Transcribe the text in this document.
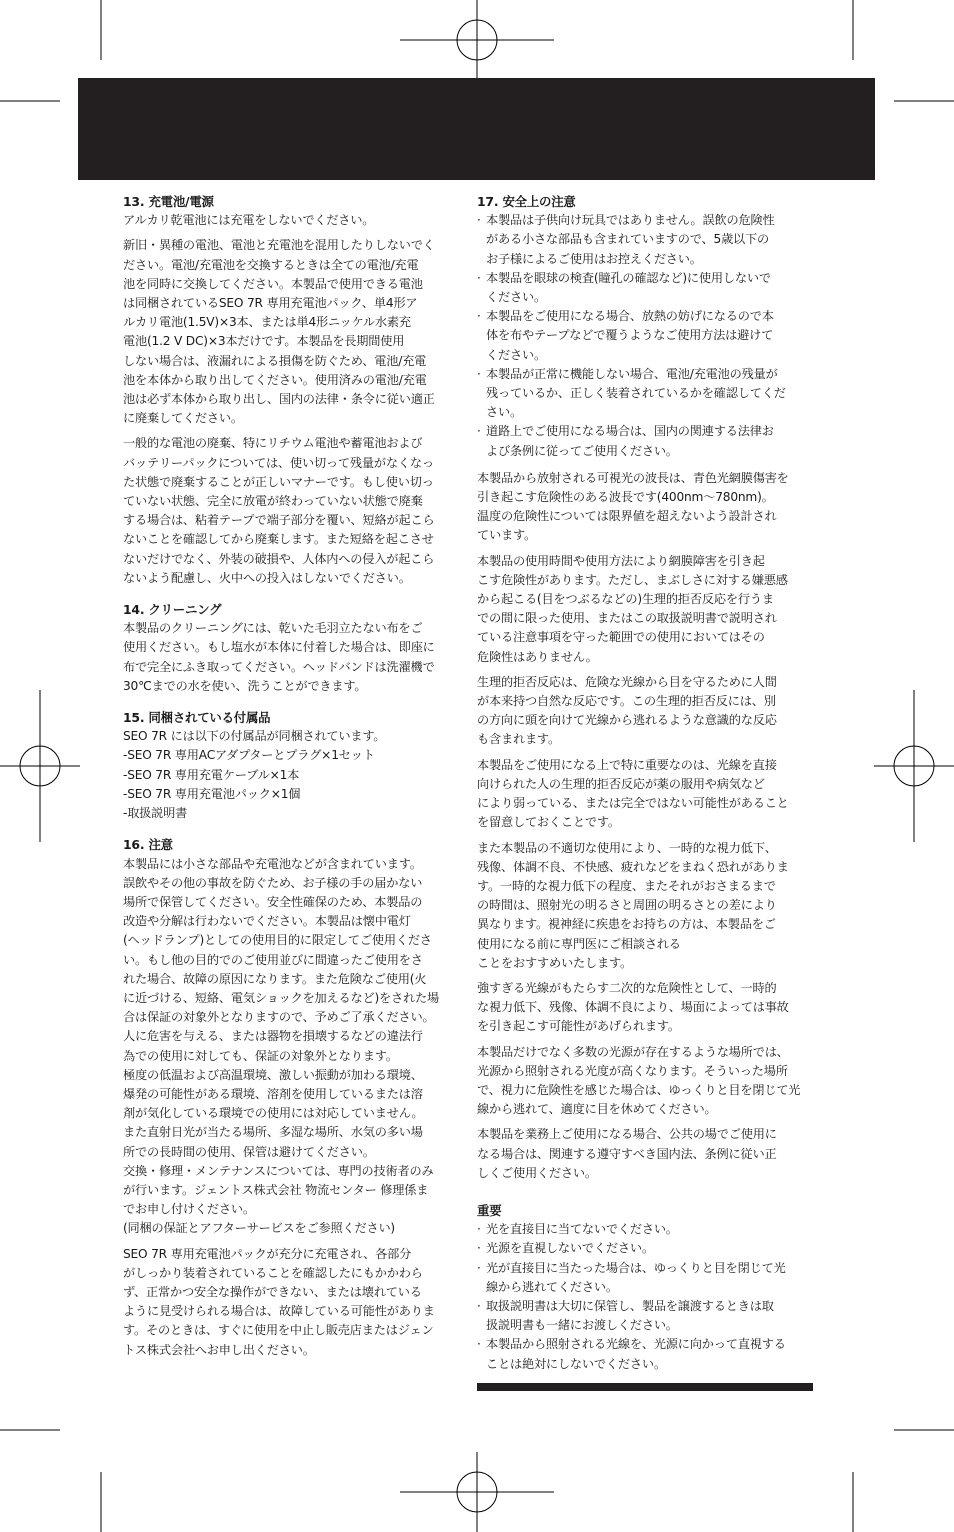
13. 充電池/電源

アルカリ乾電池には充電をしないでください。

新旧・異種の電池、電池と充電池を混用したりしないでく
ださい。電池/充電池を交換するときは全ての電池/充電
池を同時に交換してください。本製品で使用できる電池
は同梱されているSEO 7R 専用充電池パック、単4形ア
ルカリ電池(1.5V)×3本、または単4形ニッケル水素充
電池(1.2 V DC)×3本だけです。本製品を長期間使用
しない場合は、液漏れによる損傷を防ぐため、電池/充電
池を本体から取り出してください。使用済みの電池/充電
池は必ず本体から取り出し、国内の法律・条令に従い適正
に廃棄してください。

一般的な電池の廃棄、特にリチウム電池や蓄電池および
バッテリーパックについては、使い切って残量がなくなっ
た状態で廃棄することが正しいマナーです。もし使い切っ
ていない状態、完全に放電が終わっていない状態で廃棄
する場合は、粘着テープで端子部分を覆い、短絡が起こら
ないことを確認してから廃棄します。また短絡を起こさせ
ないだけでなく、外装の破損や、人体内への侵入が起こら
ないよう配慮し、火中への投入はしないでください。

14. クリーニング

本製品のクリーニングには、乾いた毛羽立たない布をご
使用ください。もし塩水が本体に付着した場合は、即座に
布で完全にふき取ってください。ヘッドバンドは洗濯機で
30℃までの水を使い、洗うことができます。

15. 同梱されている付属品

SEO 7R には以下の付属品が同梱されています。
-SEO 7R 専用ACアダプターとプラグ×1セット
-SEO 7R 専用充電ケーブル×1本
-SEO 7R 専用充電池パック×1個
-取扱説明書

16. 注意

本製品には小さな部品や充電池などが含まれています。
誤飲やその他の事故を防ぐため、お子様の手の届かない
場所で保管してください。安全性確保のため、本製品の
改造や分解は行わないでください。本製品は懐中電灯
(ヘッドランプ)としての使用目的に限定してご使用くださ
い。もし他の目的でのご使用並びに間違ったご使用をさ
れた場合、故障の原因になります。また危険なご使用(火
に近づける、短絡、電気ショックを加えるなど)をされた場
合は保証の対象外となりますので、予めご了承ください。
人に危害を与える、または器物を損壊するなどの違法行
為での使用に対しても、保証の対象外となります。
極度の低温および高温環境、激しい振動が加わる環境、
爆発の可能性がある環境、溶剤を使用しているまたは溶
剤が気化している環境での使用には対応していません。
また直射日光が当たる場所、多湿な場所、水気の多い場
所での長時間の使用、保管は避けてください。
交換・修理・メンテナンスについては、専門の技術者のみ
が行います。ジェントス株式会社 物流センター 修理係ま
でお申し付けください。
(同梱の保証とアフターサービスをご参照ください)

SEO 7R 専用充電池パックが充分に充電され、各部分
がしっかり装着されていることを確認したにもかかわら
ず、正常かつ安全な操作ができない、または壊れている
ように見受けられる場合は、故障している可能性がありま
す。そのときは、すぐに使用を中止し販売店またはジェン
トス株式会社へお申し出ください。

17. 安全上の注意
· 本製品は子供向け玩具ではありません。誤飲の危険性
がある小さな部品も含まれていますので、5歳以下の
お子様によるご使用はお控えください。
· 本製品を眼球の検査(瞳孔の確認など)に使用しないで
ください。
· 本製品をご使用になる場合、放熱の妨げになるので本
体を布やテープなどで覆うようなご使用方法は避けて
ください。
· 本製品が正常に機能しない場合、電池/充電池の残量が
残っているか、正しく装着されているかを確認してくだ
さい。
· 道路上でご使用になる場合は、国内の関連する法律お
よび条例に従ってご使用ください。

本製品から放射される可視光の波長は、青色光網膜傷害を
引き起こす危険性のある波長です(400nm〜780nm)。
温度の危険性については限界値を超えないよう設計され
ています。

本製品の使用時間や使用方法により網膜障害を引き起
こす危険性があります。ただし、まぶしさに対する嫌悪感
から起こる(目をつぶるなどの)生理的拒否反応を行うま
での間に限った使用、またはこの取扱説明書で説明され
ている注意事項を守った範囲での使用においてはその
危険性はありません。

生理的拒否反応は、危険な光線から目を守るために人間
が本来持つ自然な反応です。この生理的拒否反には、別
の方向に頭を向けて光線から逃れるような意識的な反応
も含まれます。

本製品をご使用になる上で特に重要なのは、光線を直接
向けられた人の生理的拒否反応が薬の服用や病気など
により弱っている、または完全ではない可能性があること
を留意しておくことです。

また本製品の不適切な使用により、一時的な視力低下、
残像、体調不良、不快感、疲れなどをまねく恐れがありま
す。一時的な視力低下の程度、またそれがおさまるまで
の時間は、照射光の明るさと周囲の明るさとの差により
異なります。視神経に疾患をお持ちの方は、本製品をご
使用になる前に専門医にご相談される
ことをおすすめいたします。

強すぎる光線がもたらす二次的な危険性として、一時的
な視力低下、残像、体調不良により、場面によっては事故
を引き起こす可能性があげられます。

本製品だけでなく多数の光源が存在するような場所では、
光源から照射される光度が高くなります。そういった場所
で、視力に危険性を感じた場合は、ゆっくりと目を閉じて光
線から逃れて、適度に目を休めてください。

本製品を業務上ご使用になる場合、公共の場でご使用に
なる場合は、関連する遵守すべき国内法、条例に従い正
しくご使用ください。

重要
· 光を直接目に当てないでください。
· 光源を直視しないでください。
· 光が直接目に当たった場合は、ゆっくりと目を閉じて光
線から逃れてください。
· 取扱説明書は大切に保管し、製品を譲渡するときは取
扱説明書も一緒にお渡しください。
· 本製品から照射される光線を、光源に向かって直視する
ことは絶対にしないでください。
